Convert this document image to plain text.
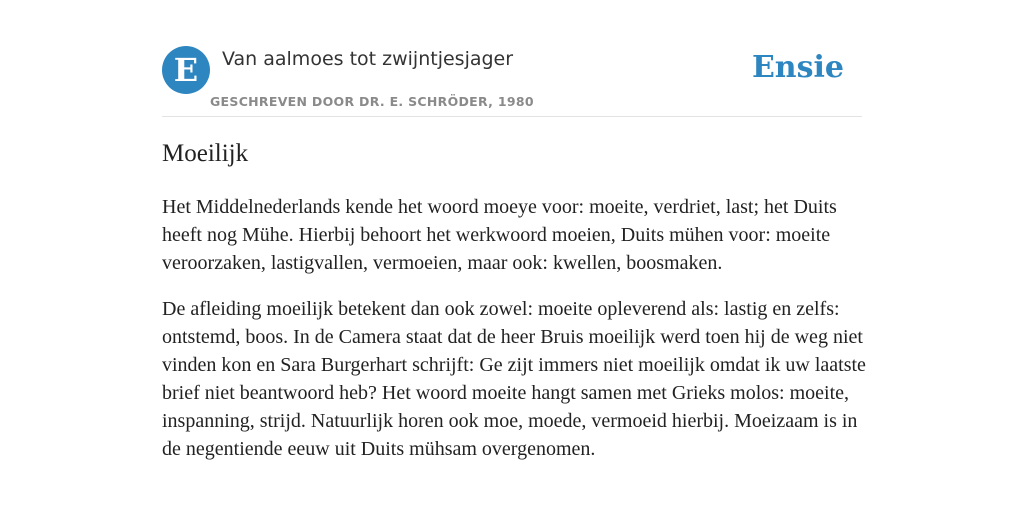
E	Van aalmoes tot zwijntjesjager
GESCHREVEN DOOR DR. E. SCHRÖDER, 1980
Ensie
Moeilijk

Het Middelnederlands kende het woord moeye voor: moeite, verdriet, last; het Duits heeft nog Mühe. Hierbij behoort het werkwoord moeien, Duits mühen voor: moeite veroorzaken, lastigvallen, vermoeien, maar ook: kwellen, boosmaken.

De afleiding moeilijk betekent dan ook zowel: moeite opleverend als: lastig en zelfs: ontstemd, boos. In de Camera staat dat de heer Bruis moeilijk werd toen hij de weg niet vinden kon en Sara Burgerhart schrijft: Ge zijt immers niet moeilijk omdat ik uw laatste brief niet beantwoord heb? Het woord moeite hangt samen met Grieks molos: moeite, inspanning, strijd. Natuurlijk horen ook moe, moede, vermoeid hierbij. Moeizaam is in de negentiende eeuw uit Duits mühsam overgenomen.
